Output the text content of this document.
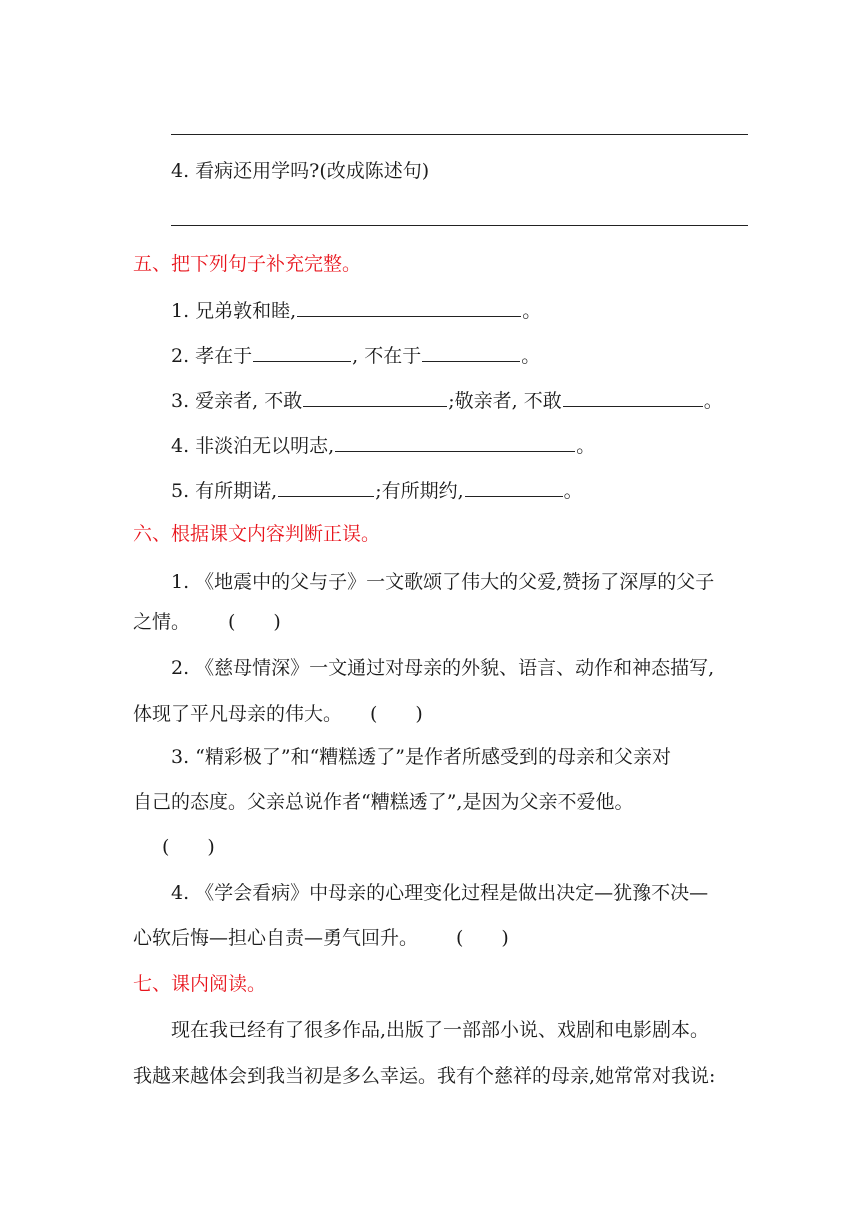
4. 看病还用学吗?(改成陈述句)
五、把下列句子补充完整。
1. 兄弟敦和睦,	。
2. 孝在于	, 不在于	。
3. 爱亲者, 不敢	;敬亲者, 不敢	。
4. 非淡泊无以明志,	。
5. 有所期诺,	;有所期约,	。
六、根据课文内容判断正误。
1. 《地震中的父与子》一文歌颂了伟大的父爱,赞扬了深厚的父子
之情。 (　　)
2. 《慈母情深》一文通过对母亲的外貌、语言、动作和神态描写,
体现了平凡母亲的伟大。 (　　)
3. “精彩极了”和“糟糕透了”是作者所感受到的母亲和父亲对
自己的态度。父亲总说作者“糟糕透了”,是因为父亲不爱他。
(　　)
4. 《学会看病》中母亲的心理变化过程是做出决定—犹豫不决—
心软后悔—担心自责—勇气回升。 (　　)
七、课内阅读。
现在我已经有了很多作品,出版了一部部小说、戏剧和电影剧本。
我越来越体会到我当初是多么幸运。我有个慈祥的母亲,她常常对我说:
